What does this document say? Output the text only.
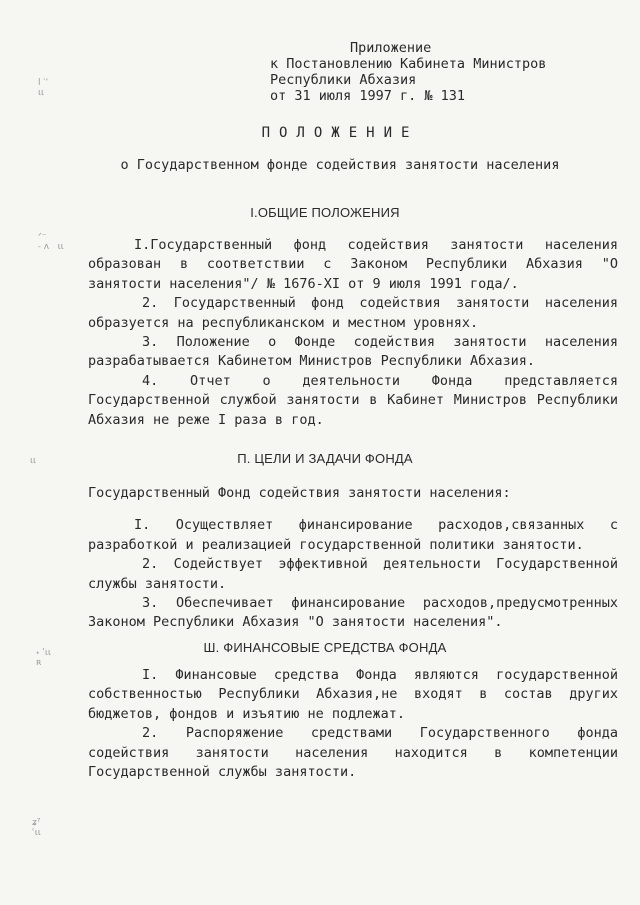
ⅼ ′ʼ
ɩɩ
ᐟ⁻
˗ ʌ   ɩɩ
ɩɩ
˖ ʹɩɩ
ʀ
ʑ⁷
ʿɩɩ
Приложение
к Постановлению Кабинета Министров
Республики Абхазия
от 31 июля 1997 г. № 131
ПОЛОЖЕНИЕ
о Государственном фонде содействия занятости населения
I.ОБЩИЕ ПОЛОЖЕНИЯ

I.Государственный фонд содействия занятости населения образован в соответствии с Законом Республики Абхазия "О занятости населения"/ № 1676-XI от 9 июля 1991 года/.

2. Государственный фонд содействия занятости населения образуется на республиканском и местном уровнях.

3. Положение о Фонде содействия занятости населения разрабатывается Кабинетом Министров Республики Абхазия.

4. Отчет о деятельности Фонда представляется Государственной службой занятости в Кабинет Министров Республики Абхазия не реже I раза в год.

П. ЦЕЛИ И ЗАДАЧИ ФОНДА

Государственный Фонд содействия занятости населения:

I. Осуществляет финансирование расходов,связанных с разработкой и реализацией государственной политики занятости.

2. Содействует эффективной деятельности Государственной службы занятости.

3. Обеспечивает финансирование расходов,предусмотренных Законом Республики Абхазия "О занятости населения".

Ш. ФИНАНСОВЫЕ СРЕДСТВА ФОНДА

I. Финансовые средства Фонда являются государственной собственностью Республики Абхазия,не входят в состав других бюджетов, фондов и изъятию не подлежат.

2. Распоряжение средствами Государственного фонда содействия занятости населения находится в компетенции Государственной службы занятости.
